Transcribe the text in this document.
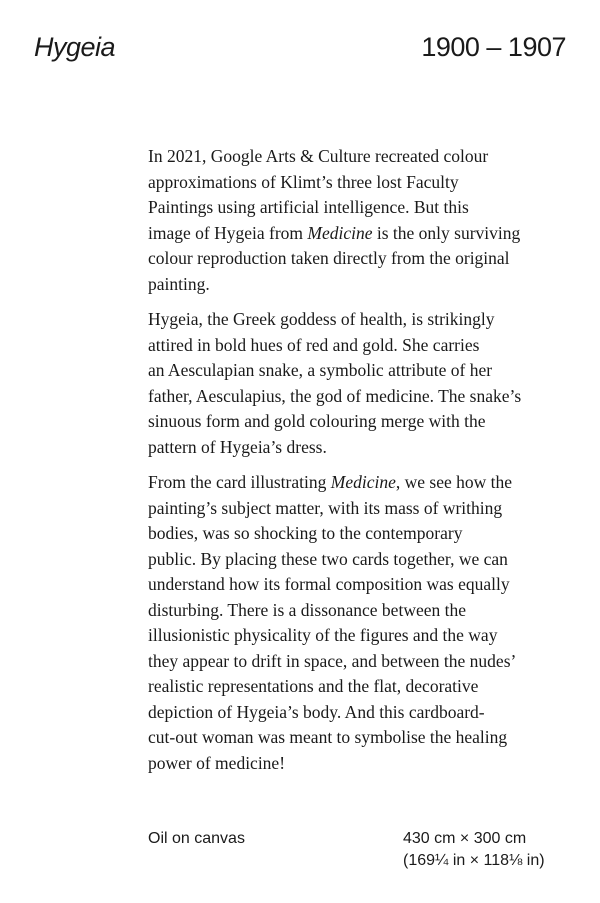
Hygeia	1900 – 1907

In 2021, Google Arts & Culture recreated colour
approximations of Klimt’s three lost Faculty
Paintings using artificial intelligence. But this
image of Hygeia from Medicine is the only surviving
colour reproduction taken directly from the original
painting.

Hygeia, the Greek goddess of health, is strikingly
attired in bold hues of red and gold. She carries
an Aesculapian snake, a symbolic attribute of her
father, Aesculapius, the god of medicine. The snake’s
sinuous form and gold colouring merge with the
pattern of Hygeia’s dress.

From the card illustrating Medicine, we see how the
painting’s subject matter, with its mass of writhing
bodies, was so shocking to the contemporary
public. By placing these two cards together, we can
understand how its formal composition was equally
disturbing. There is a dissonance between the
illusionistic physicality of the figures and the way
they appear to drift in space, and between the nudes’
realistic representations and the flat, decorative
depiction of Hygeia’s body. And this cardboard-
cut-out woman was meant to symbolise the healing
power of medicine!

Oil on canvas	430 cm × 300 cm
(169¼ in × 118⅛ in)
